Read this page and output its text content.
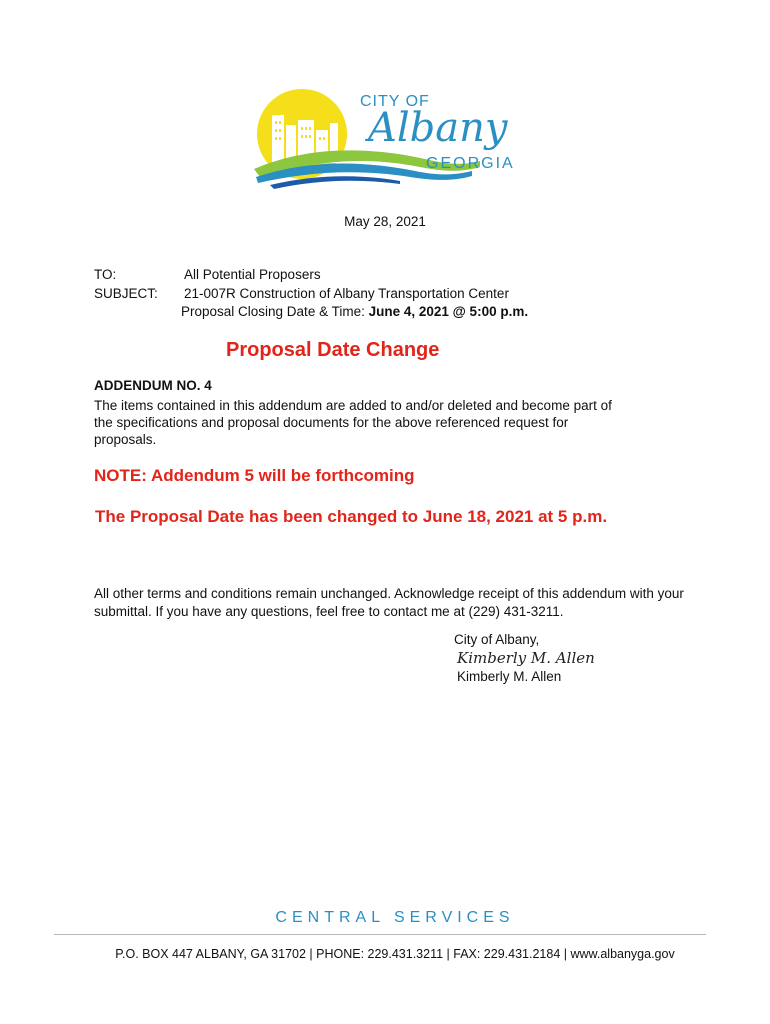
CITY OF
Albany
GEORGIA
May 28, 2021
TO:	All Potential Proposers
SUBJECT: 21-007R Construction of Albany Transportation Center
Proposal Closing Date & Time: June 4, 2021 @ 5:00 p.m.
Proposal Date Change
ADDENDUM NO. 4
The items contained in this addendum are added to and/or deleted and become part of the specifications and proposal documents for the above referenced request for proposals.
NOTE: Addendum 5 will be forthcoming
The Proposal Date has been changed to June 18, 2021 at 5 p.m.
All other terms and conditions remain unchanged. Acknowledge receipt of this addendum with your submittal. If you have any questions, feel free to contact me at (229) 431-3211.
City of Albany,
Kimberly M. Allen
Kimberly M. Allen
CENTRAL SERVICES
P.O. BOX 447 ALBANY, GA 31702 | PHONE: 229.431.3211 | FAX: 229.431.2184 | www.albanyga.gov
